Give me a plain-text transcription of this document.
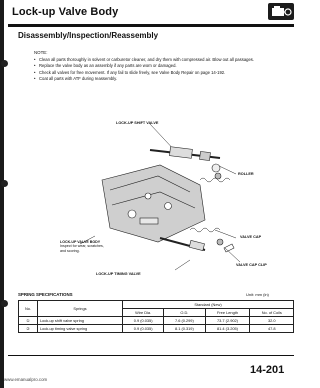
Lock-up Valve Body
Disassembly/Inspection/Reassembly
NOTE:
• Clean all parts thoroughly in solvent or carburetor cleaner, and dry them with compressed air. Blow out all passages.
• Replace the valve body as an assembly if any parts are worn or damaged.
• Check all valves for free movement. If any fail to slide freely, see Valve Body Repair on page 14-192.
• Coat all parts with ATF during reassembly.
LOCK-UP SHIFT VALVE
ROLLER
LOCK-UP VALVE BODY
Inspect for wear, scratches,
and scoring.
VALVE CAP
LOCK-UP TIMING VALVE
VALVE CAP CLIP
SPRING SPECIFICATIONS	Unit: mm (in)
No.	Springs	Standard (New)			
		Wire Dia.	O.D.	Free Length	No. of Coils
①	Lock-up shift valve spring	0.9 (0.035)	7.6 (0.299)	73.7 (2.902)	32.0
②	Lock-up timing valve spring	0.9 (0.035)	8.1 (0.319)	81.4 (3.205)	47.8
14-201
www.emanualpro.com
